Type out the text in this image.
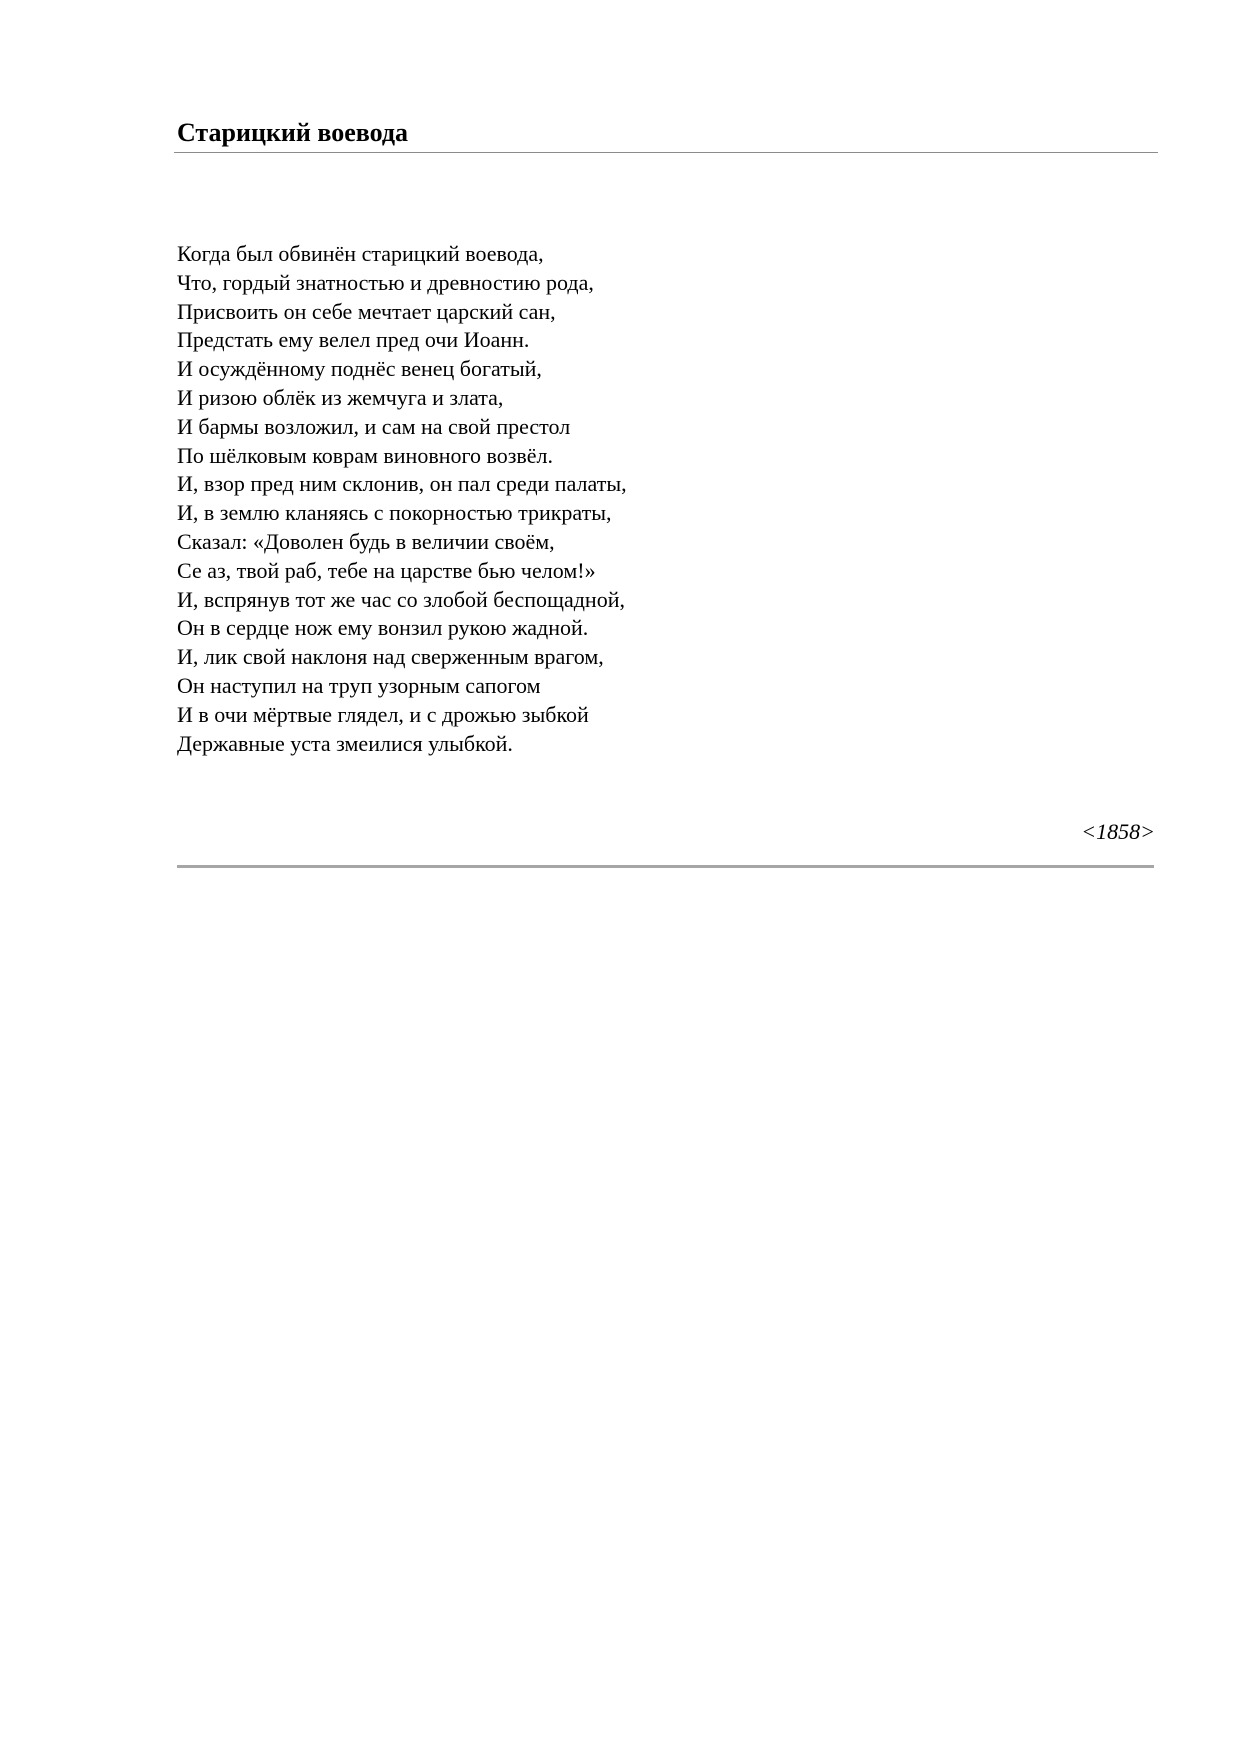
Старицкий воевода
Когда был обвинён старицкий воевода,
Что, гордый знатностью и древностию рода,
Присвоить он себе мечтает царский сан,
Предстать ему велел пред очи Иоанн.
И осуждённому поднёс венец богатый,
И ризою облёк из жемчуга и злата,
И бармы возложил, и сам на свой престол
По шёлковым коврам виновного возвёл.
И, взор пред ним склонив, он пал среди палаты,
И, в землю кланяясь с покорностью трикраты,
Сказал: «Доволен будь в величии своём,
Се аз, твой раб, тебе на царстве бью челом!»
И, вспрянув тот же час со злобой беспощадной,
Он в сердце нож ему вонзил рукою жадной.
И, лик свой наклоня над сверженным врагом,
Он наступил на труп узорным сапогом
И в очи мёртвые глядел, и с дрожью зыбкой
Державные уста змеилися улыбкой.
<1858>
